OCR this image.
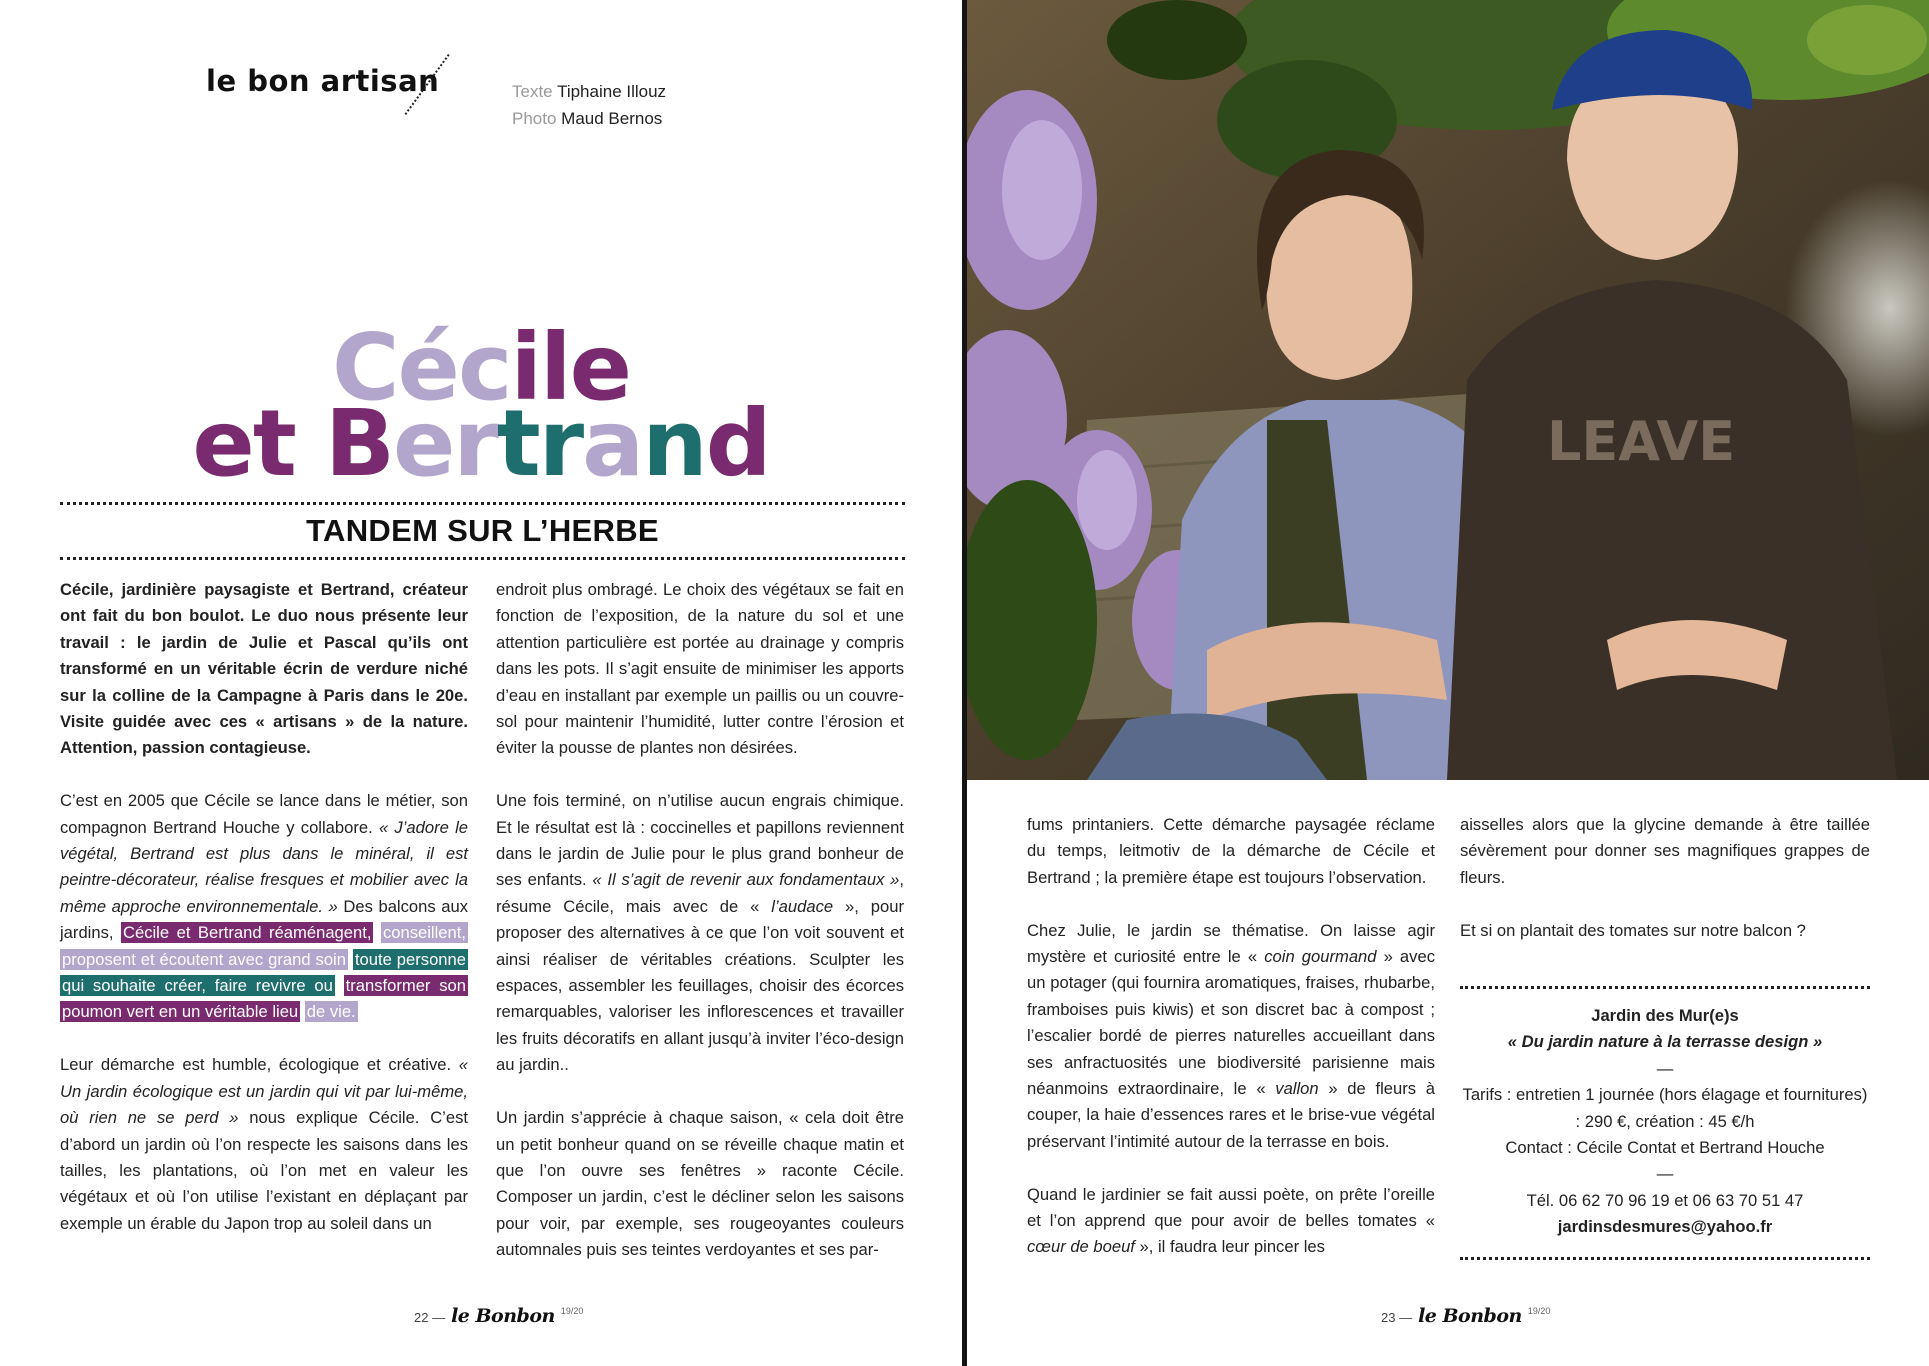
le bon artisan	Texte Tiphaine Illouz
Photo Maud Bernos
Cécile
et Bertrand
TANDEM SUR L’HERBE

Cécile, jardinière paysagiste et Bertrand, créateur ont fait du bon boulot. Le duo nous présente leur travail : le jardin de Julie et Pascal qu’ils ont transformé en un véritable écrin de verdure niché sur la colline de la Campagne à Paris dans le 20e. Visite guidée avec ces « artisans » de la nature. Attention, passion contagieuse.

C’est en 2005 que Cécile se lance dans le métier, son compagnon Bertrand Houche y collabore. « J’adore le végétal, Bertrand est plus dans le minéral, il est peintre-décorateur, réalise fresques et mobilier avec la même approche environnementale. » Des balcons aux jardins, Cécile et Bertrand réaménagent, conseillent, proposent et écoutent avec grand soin toute personne qui souhaite créer, faire revivre ou transformer son poumon vert en un véritable lieu de vie.

Leur démarche est humble, écologique et créative. « Un jardin écologique est un jardin qui vit par lui-même, où rien ne se perd » nous explique Cécile. C’est d’abord un jardin où l’on respecte les saisons dans les tailles, les plantations, où l’on met en valeur les végétaux et où l’on utilise l’existant en déplaçant par exemple un érable du Japon trop au soleil dans un

endroit plus ombragé. Le choix des végétaux se fait en fonction de l’exposition, de la nature du sol et une attention particulière est portée au drainage y compris dans les pots. Il s’agit ensuite de minimiser les apports d’eau en installant par exemple un paillis ou un couvre-sol pour maintenir l’humidité, lutter contre l’érosion et éviter la pousse de plantes non désirées.

Une fois terminé, on n’utilise aucun engrais chimique. Et le résultat est là : coccinelles et papillons reviennent dans le jardin de Julie pour le plus grand bonheur de ses enfants. « Il s’agit de revenir aux fondamentaux », résume Cécile, mais avec de « l’audace », pour proposer des alternatives à ce que l’on voit souvent et ainsi réaliser de véritables créations. Sculpter les espaces, assembler les feuillages, choisir des écorces remarquables, valoriser les inflorescences et travailler les fruits décoratifs en allant jusqu’à inviter l’éco-design au jardin..

Un jardin s’apprécie à chaque saison, « cela doit être un petit bonheur quand on se réveille chaque matin et que l’on ouvre ses fenêtres » raconte Cécile. Composer un jardin, c’est le décliner selon les saisons pour voir, par exemple, ses rougeoyantes couleurs automnales puis ses teintes verdoyantes et ses par-

22 — le Bonbon 19/20
LEAVE

fums printaniers. Cette démarche paysagée réclame du temps, leitmotiv de la démarche de Cécile et Bertrand ; la première étape est toujours l’observation.

Chez Julie, le jardin se thématise. On laisse agir mystère et curiosité entre le « coin gourmand » avec un potager (qui fournira aromatiques, fraises, rhubarbe, framboises puis kiwis) et son discret bac à compost ; l’escalier bordé de pierres naturelles accueillant dans ses anfractuosités une biodiversité parisienne mais néanmoins extraordinaire, le « vallon » de fleurs à couper, la haie d’essences rares et le brise-vue végétal préservant l’intimité autour de la terrasse en bois.

Quand le jardinier se fait aussi poète, on prête l’oreille et l’on apprend que pour avoir de belles tomates « cœur de boeuf », il faudra leur pincer les

aisselles alors que la glycine demande à être taillée sévèrement pour donner ses magnifiques grappes de fleurs.

Et si on plantait des tomates sur notre balcon ?

23 — le Bonbon 19/20
Jardin des Mur(e)s
« Du jardin nature à la terrasse design »
—
Tarifs : entretien 1 journée (hors élagage et fournitures) : 290 €, création : 45 €/h
Contact : Cécile Contat et Bertrand Houche
—
Tél. 06 62 70 96 19 et 06 63 70 51 47
jardinsdesmures@yahoo.fr
